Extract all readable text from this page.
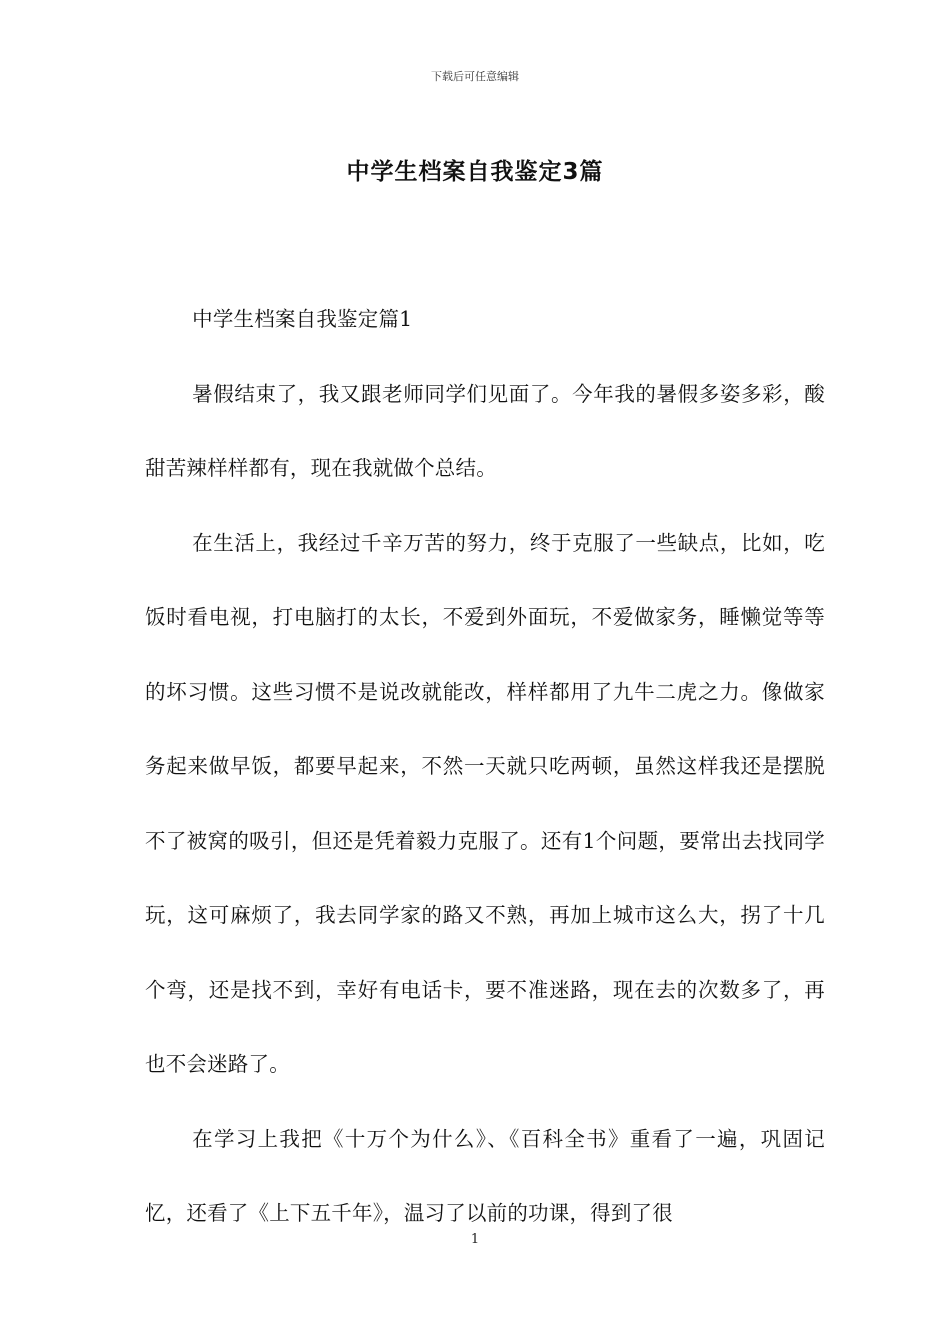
下载后可任意编辑
中学生档案自我鉴定3篇

中学生档案自我鉴定篇1

暑假结束了，我又跟老师同学们见面了。今年我的暑假多姿多彩，酸甜苦辣样样都有，现在我就做个总结。

在生活上，我经过千辛万苦的努力，终于克服了一些缺点，比如，吃饭时看电视，打电脑打的太长，不爱到外面玩，不爱做家务，睡懒觉等等的坏习惯。这些习惯不是说改就能改，样样都用了九牛二虎之力。像做家务起来做早饭，都要早起来，不然一天就只吃两顿，虽然这样我还是摆脱不了被窝的吸引，但还是凭着毅力克服了。还有1个问题，要常出去找同学玩，这可麻烦了，我去同学家的路又不熟，再加上城市这么大，拐了十几个弯，还是找不到，幸好有电话卡，要不准迷路，现在去的次数多了，再也不会迷路了。

在学习上我把《十万个为什么》、《百科全书》重看了一遍，巩固记忆，还看了《上下五千年》，温习了以前的功课，得到了很

1
